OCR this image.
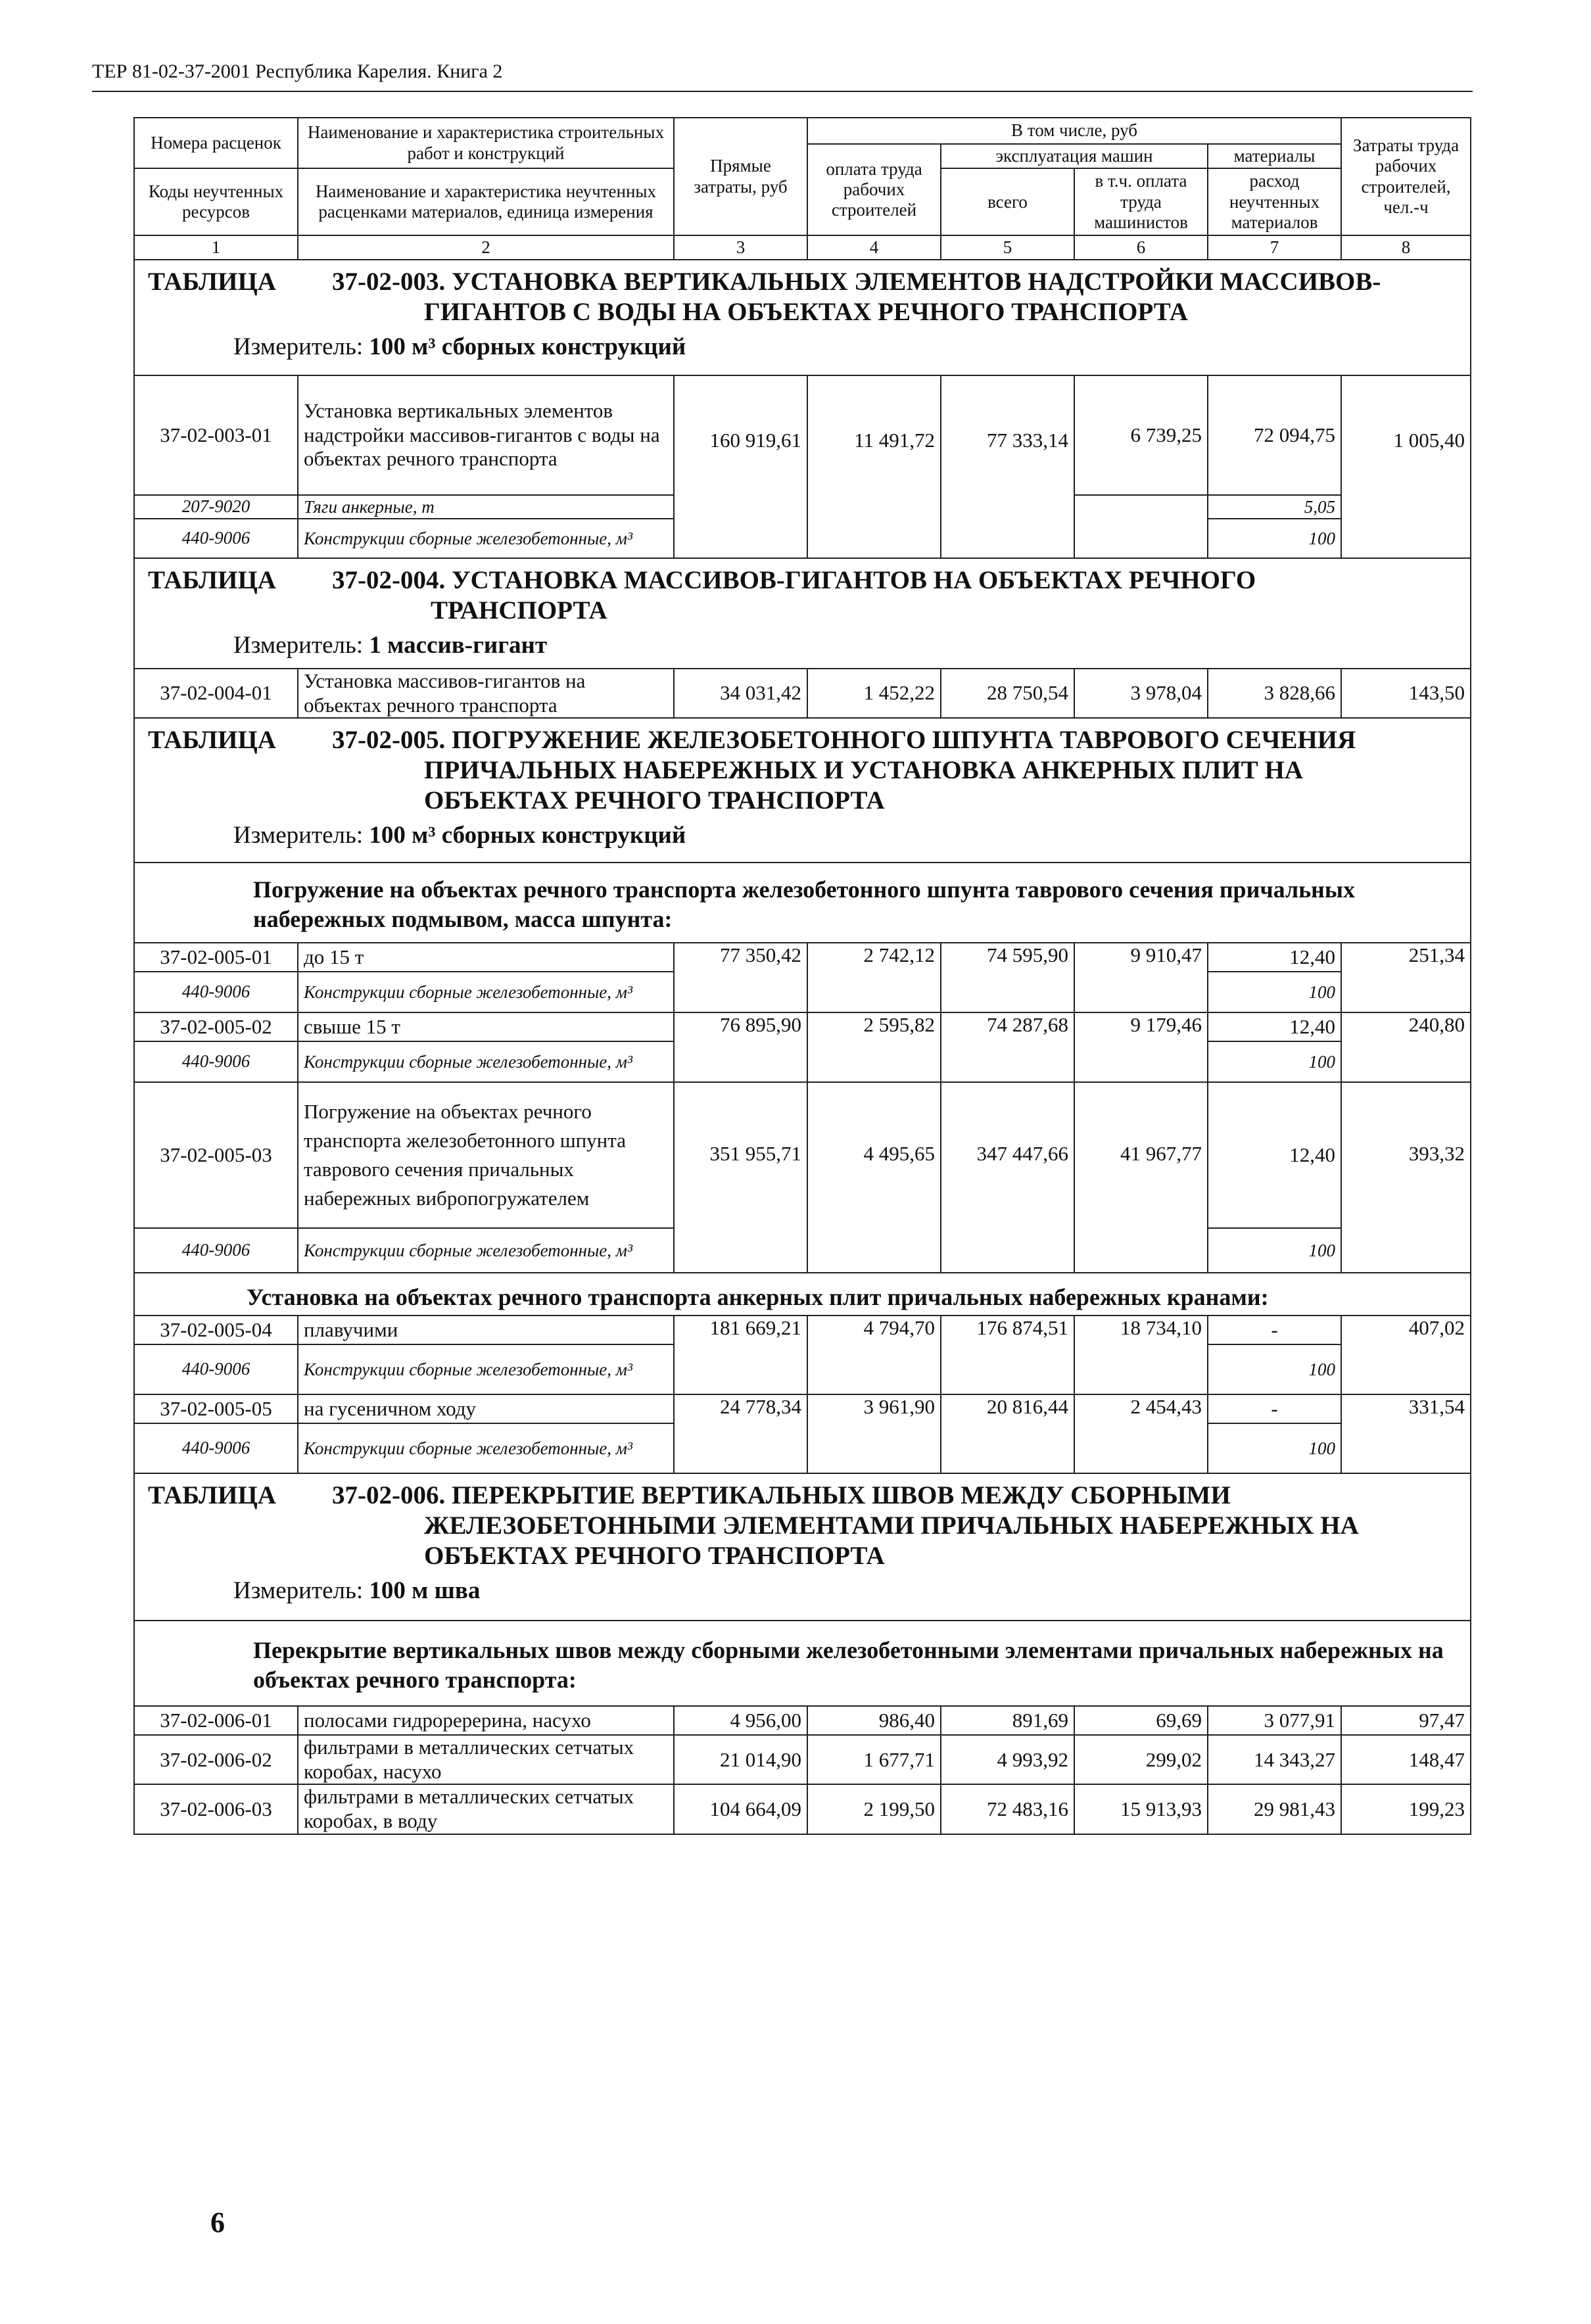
ТЕР 81-02-37-2001 Республика Карелия. Книга 2
Номера расценок	Наименование и характеристика строительных работ и конструкций	Прямые затраты, руб	В том числе, руб				Затраты труда рабочих строителей, чел.-ч
			оплата труда рабочих строителей	эксплуатация машин		материалы	
Коды неучтенных ресурсов	Наименование и характеристика неучтенных расценками материалов, единица измерения			всего	в т.ч. оплата труда машинистов	расход неучтенных материалов	

1	2	3	4	5	6	7	8

ТАБЛИЦА 37-02-003. УСТАНОВКА ВЕРТИКАЛЬНЫХ ЭЛЕМЕНТОВ НАДСТРОЙКИ МАССИВОВ-
ГИГАНТОВ С ВОДЫ НА ОБЪЕКТАХ РЕЧНОГО ТРАНСПОРТА
Измеритель: 100 м³ сборных конструкций							

37-02-003-01	Установка вертикальных элементов надстройки массивов-гигантов с воды на объектах речного транспорта	160 919,61	11 491,72	77 333,14	6 739,25	72 094,75	1 005,40
207-9020	Тяги анкерные, т					5,05	
440-9006	Конструкции сборные железобетонные, м³					100	

ТАБЛИЦА 37-02-004. УСТАНОВКА МАССИВОВ-ГИГАНТОВ НА ОБЪЕКТАХ РЕЧНОГО
ТРАНСПОРТА
Измеритель: 1 массив-гигант							

37-02-004-01	Установка массивов-гигантов на объектах речного транспорта	34 031,42	1 452,22	28 750,54	3 978,04	3 828,66	143,50

ТАБЛИЦА 37-02-005. ПОГРУЖЕНИЕ ЖЕЛЕЗОБЕТОННОГО ШПУНТА ТАВРОВОГО СЕЧЕНИЯ
ПРИЧАЛЬНЫХ НАБЕРЕЖНЫХ И УСТАНОВКА АНКЕРНЫХ ПЛИТ НА
ОБЪЕКТАХ РЕЧНОГО ТРАНСПОРТА
Измеритель: 100 м³ сборных конструкций							

Погружение на объектах речного транспорта железобетонного шпунта таврового сечения причальных набережных подмывом, масса шпунта:							
37-02-005-01	до 15 т	77 350,42	2 742,12	74 595,90	9 910,47	12,40	251,34
440-9006	Конструкции сборные железобетонные, м³					100	
37-02-005-02	свыше 15 т	76 895,90	2 595,82	74 287,68	9 179,46	12,40	240,80
440-9006	Конструкции сборные железобетонные, м³					100	
37-02-005-03	Погружение на объектах речного транспорта железобетонного шпунта таврового сечения причальных набережных вибропогружателем	351 955,71	4 495,65	347 447,66	41 967,77	12,40	393,32
440-9006	Конструкции сборные железобетонные, м³					100	
Установка на объектах речного транспорта анкерных плит причальных набережных кранами:							
37-02-005-04	плавучими	181 669,21	4 794,70	176 874,51	18 734,10	-	407,02
440-9006	Конструкции сборные железобетонные, м³					100	
37-02-005-05	на гусеничном ходу	24 778,34	3 961,90	20 816,44	2 454,43	-	331,54
440-9006	Конструкции сборные железобетонные, м³					100	

ТАБЛИЦА 37-02-006. ПЕРЕКРЫТИЕ ВЕРТИКАЛЬНЫХ ШВОВ МЕЖДУ СБОРНЫМИ
ЖЕЛЕЗОБЕТОННЫМИ ЭЛЕМЕНТАМИ ПРИЧАЛЬНЫХ НАБЕРЕЖНЫХ НА
ОБЪЕКТАХ РЕЧНОГО ТРАНСПОРТА
Измеритель: 100 м шва							

Перекрытие вертикальных швов между сборными железобетонными элементами причальных набережных на объектах речного транспорта:							
37-02-006-01	полосами гидроререрина, насухо	4 956,00	986,40	891,69	69,69	3 077,91	97,47
37-02-006-02	фильтрами в металлических сетчатых коробах, насухо	21 014,90	1 677,71	4 993,92	299,02	14 343,27	148,47
37-02-006-03	фильтрами в металлических сетчатых коробах, в воду	104 664,09	2 199,50	72 483,16	15 913,93	29 981,43	199,23
6
